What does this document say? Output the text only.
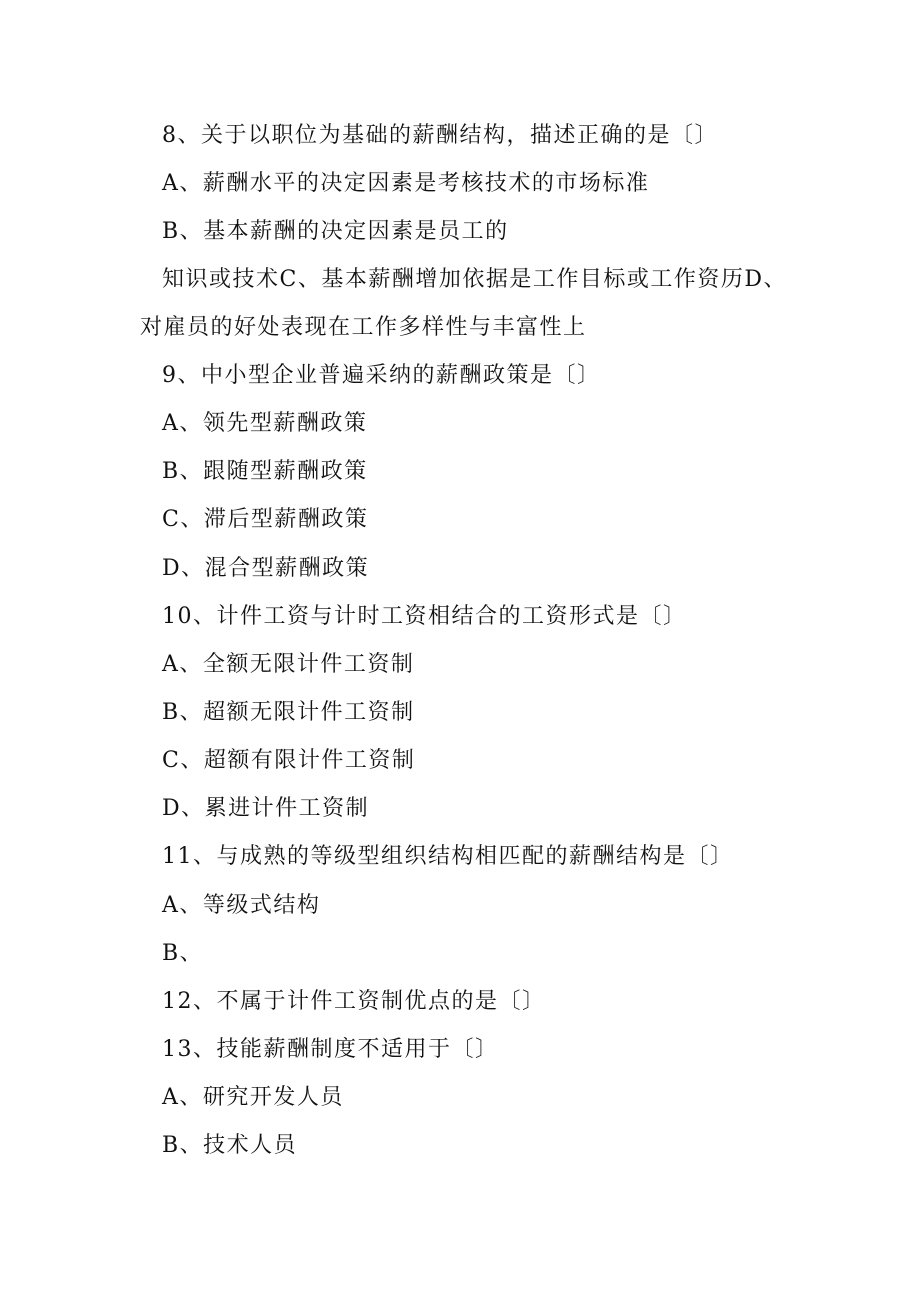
8、关于以职位为基础的薪酬结构，描述正确的是〔〕
A、薪酬水平的决定因素是考核技术的市场标准
B、基本薪酬的决定因素是员工的
知识或技术C、基本薪酬增加依据是工作目标或工作资历D、
对雇员的好处表现在工作多样性与丰富性上
9、中小型企业普遍采纳的薪酬政策是〔〕
A、领先型薪酬政策
B、跟随型薪酬政策
C、滞后型薪酬政策
D、混合型薪酬政策
10、计件工资与计时工资相结合的工资形式是〔〕
A、全额无限计件工资制
B、超额无限计件工资制
C、超额有限计件工资制
D、累进计件工资制
11、与成熟的等级型组织结构相匹配的薪酬结构是〔〕
A、等级式结构
B、
12、不属于计件工资制优点的是〔〕
13、技能薪酬制度不适用于〔〕
A、研究开发人员
B、技术人员
